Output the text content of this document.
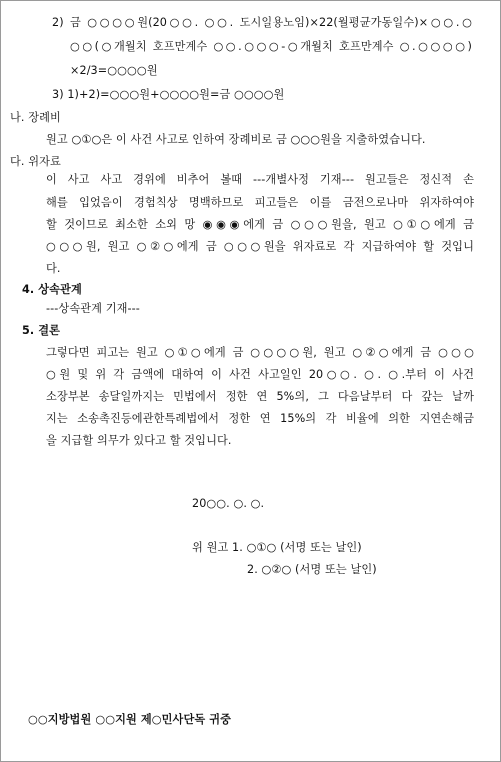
2) 금 ○○○○원(20○○. ○○. 도시일용노임)×22(월평균가동일수)×○○.○
○○(○개월치 호프만계수 ○○.○○○-○개월치 호프만계수 ○.○○○○)
×2/3=○○○○원
3) 1)+2)=○○○원+○○○○원=금 ○○○○원
나. 장례비
원고 ○①○은 이 사건 사고로 인하여 장례비로 금 ○○○원을 지출하였습니다.
다. 위자료
이 사고 사고 경위에 비추어 볼때 ---개별사정 기재--- 원고들은 정신적 손
해를 입었음이 경험칙상 명백하므로 피고들은 이를 금전으로나마 위자하여야
할 것이므로 최소한 소외 망 ◉◉◉에게 금 ○○○원을, 원고 ○①○에게 금
○○○원, 원고 ○②○에게 금 ○○○원을 위자료로 각 지급하여야 할 것입니
다.
4. 상속관계
---상속관계 기재---
5. 결론
그렇다면 피고는 원고 ○①○에게 금 ○○○○원, 원고 ○②○에게 금 ○○○
○원 및 위 각 금액에 대하여 이 사건 사고일인 20○○. ○. ○.부터 이 사건
소장부본 송달일까지는 민법에서 정한 연 5%의, 그 다음날부터 다 갚는 날까
지는 소송촉진등에관한특례법에서 정한 연 15%의 각 비율에 의한 지연손해금
을 지급할 의무가 있다고 할 것입니다.
20○○. ○. ○.
위 원고 1. ○①○ (서명 또는 날인)
2. ○②○ (서명 또는 날인)
○○지방법원 ○○지원 제○민사단독 귀중
